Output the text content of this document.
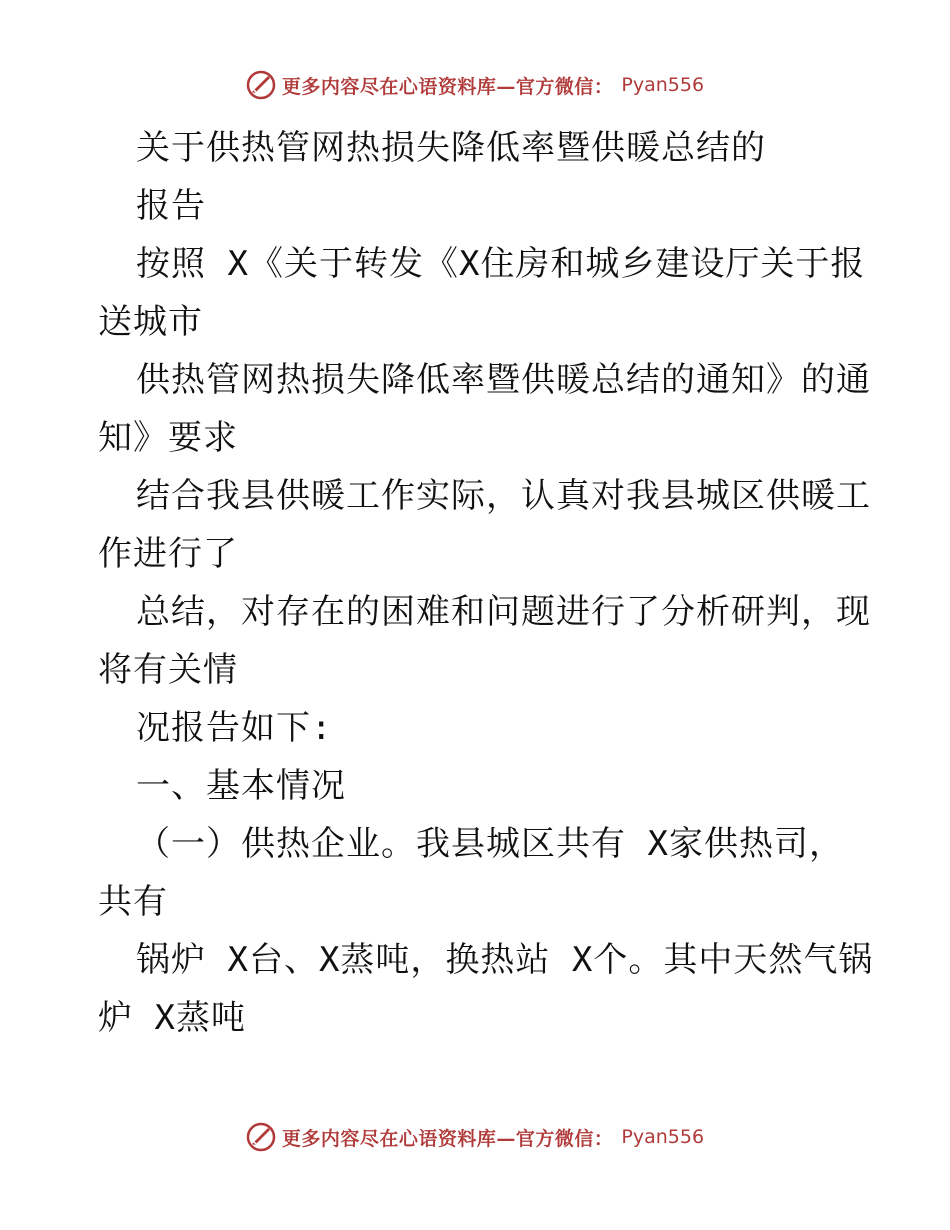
更多内容尽在心语资料库—官方微信： Pyan556
关于供热管网热损失降低率暨供暖总结的
报告
按照 X《关于转发《X住房和城乡建设厅关于报
送城市
供热管网热损失降低率暨供暖总结的通知》的通
知》要求
结合我县供暖工作实际，认真对我县城区供暖工
作进行了
总结，对存在的困难和问题进行了分析研判，现
将有关情
况报告如下:
一、基本情况
（一）供热企业。我县城区共有 X家供热司，
共有
锅炉 X台、X蒸吨，换热站 X个。其中天然气锅
炉 X蒸吨
更多内容尽在心语资料库—官方微信： Pyan556
